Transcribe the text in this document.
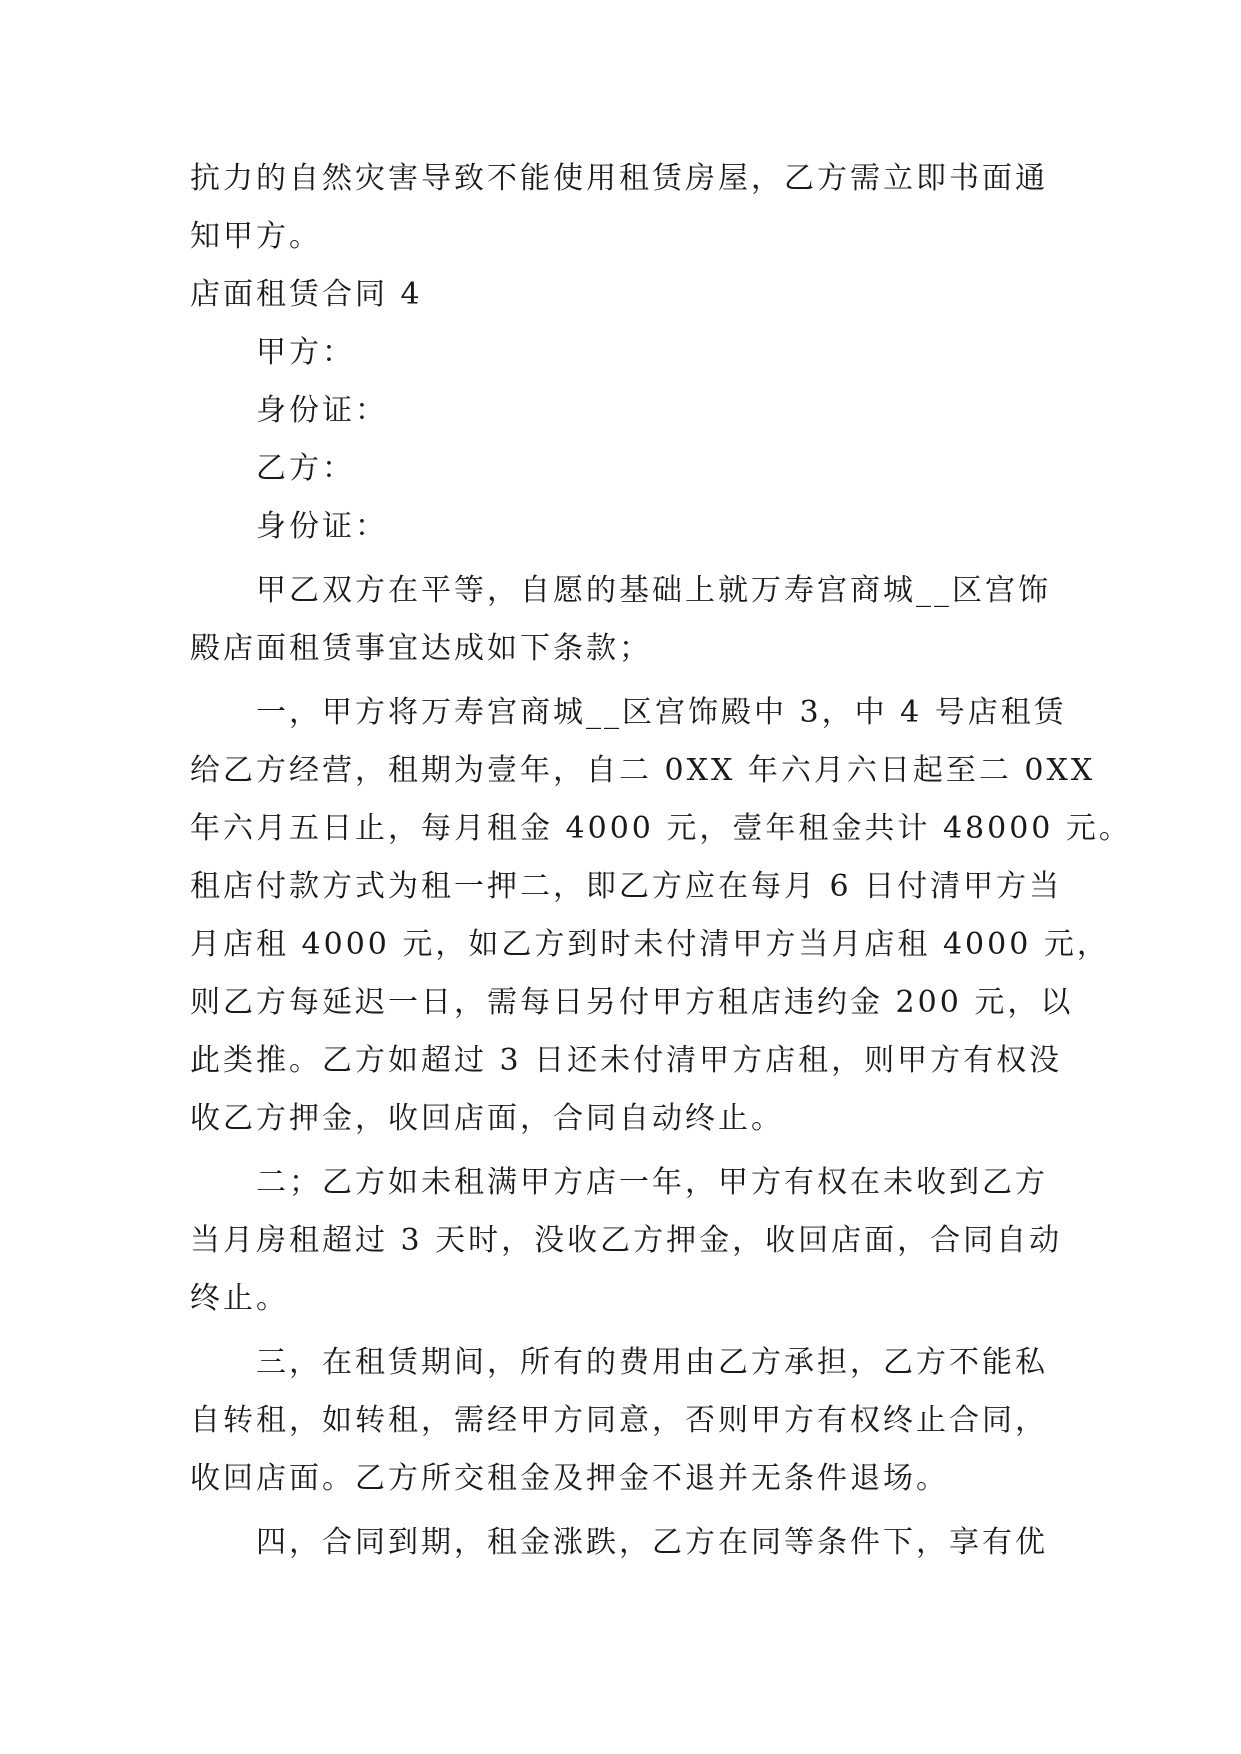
抗力的自然灾害导致不能使用租赁房屋，乙方需立即书面通

知甲方。

店面租赁合同 4

甲方：

身份证：

乙方：

身份证：

甲乙双方在平等，自愿的基础上就万寿宫商城__区宫饰

殿店面租赁事宜达成如下条款；

一，甲方将万寿宫商城__区宫饰殿中 3，中 4 号店租赁

给乙方经营，租期为壹年，自二 0XX 年六月六日起至二 0XX

年六月五日止，每月租金 4000 元，壹年租金共计 48000 元。

租店付款方式为租一押二，即乙方应在每月 6 日付清甲方当

月店租 4000 元，如乙方到时未付清甲方当月店租 4000 元，

则乙方每延迟一日，需每日另付甲方租店违约金 200 元，以

此类推。乙方如超过 3 日还未付清甲方店租，则甲方有权没

收乙方押金，收回店面，合同自动终止。

二；乙方如未租满甲方店一年，甲方有权在未收到乙方

当月房租超过 3 天时，没收乙方押金，收回店面，合同自动

终止。

三，在租赁期间，所有的费用由乙方承担，乙方不能私

自转租，如转租，需经甲方同意，否则甲方有权终止合同，

收回店面。乙方所交租金及押金不退并无条件退场。

四，合同到期，租金涨跌，乙方在同等条件下，享有优
